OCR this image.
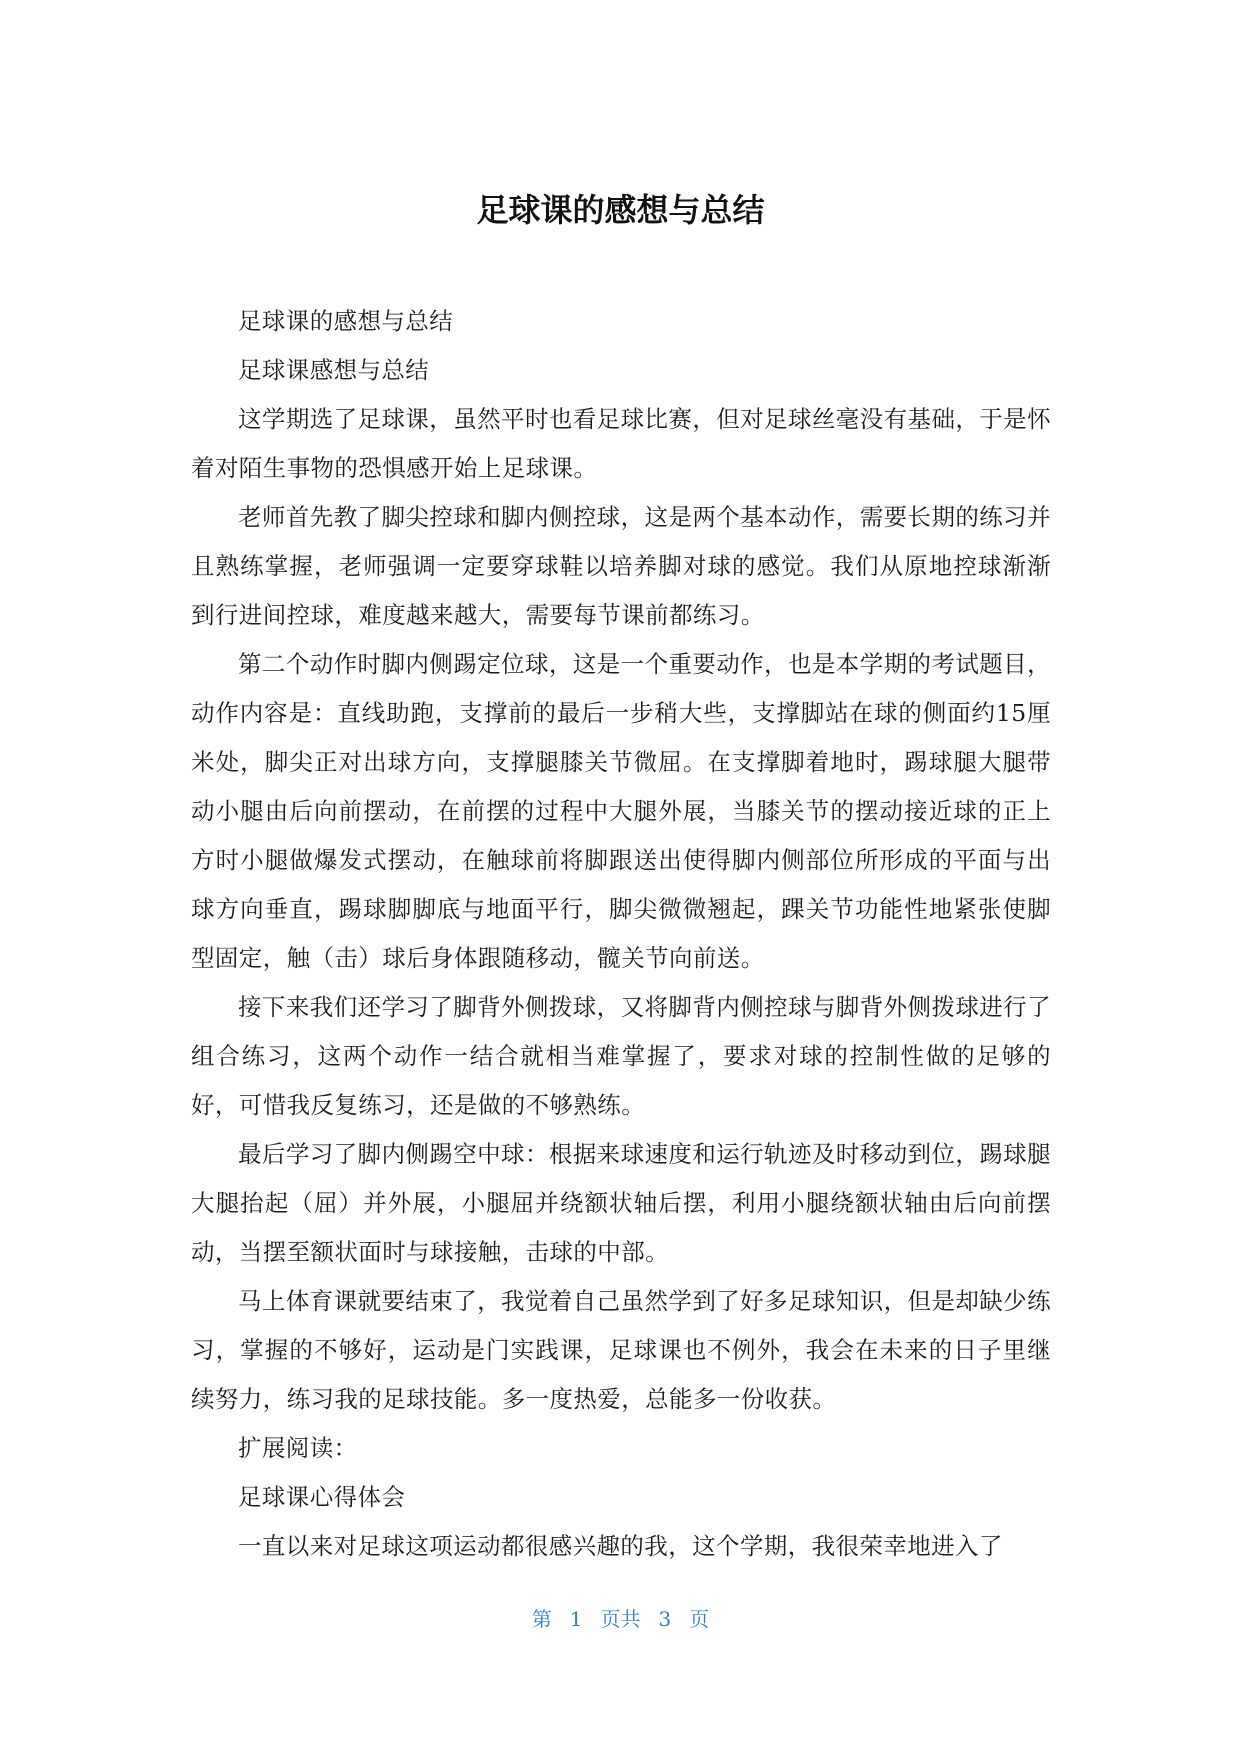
足球课的感想与总结

足球课的感想与总结

足球课感想与总结

这学期选了足球课，虽然平时也看足球比赛，但对足球丝毫没有基础，于是怀着对陌生事物的恐惧感开始上足球课。

老师首先教了脚尖控球和脚内侧控球，这是两个基本动作，需要长期的练习并且熟练掌握，老师强调一定要穿球鞋以培养脚对球的感觉。我们从原地控球渐渐到行进间控球，难度越来越大，需要每节课前都练习。

第二个动作时脚内侧踢定位球，这是一个重要动作，也是本学期的考试题目，动作内容是：直线助跑，支撑前的最后一步稍大些，支撑脚站在球的侧面约15厘米处，脚尖正对出球方向，支撑腿膝关节微屈。在支撑脚着地时，踢球腿大腿带动小腿由后向前摆动，在前摆的过程中大腿外展，当膝关节的摆动接近球的正上方时小腿做爆发式摆动，在触球前将脚跟送出使得脚内侧部位所形成的平面与出球方向垂直，踢球脚脚底与地面平行，脚尖微微翘起，踝关节功能性地紧张使脚型固定，触（击）球后身体跟随移动，髋关节向前送。

接下来我们还学习了脚背外侧拨球，又将脚背内侧控球与脚背外侧拨球进行了组合练习，这两个动作一结合就相当难掌握了，要求对球的控制性做的足够的好，可惜我反复练习，还是做的不够熟练。

最后学习了脚内侧踢空中球：根据来球速度和运行轨迹及时移动到位，踢球腿大腿抬起（屈）并外展，小腿屈并绕额状轴后摆，利用小腿绕额状轴由后向前摆动，当摆至额状面时与球接触，击球的中部。

马上体育课就要结束了，我觉着自己虽然学到了好多足球知识，但是却缺少练习，掌握的不够好，运动是门实践课，足球课也不例外，我会在未来的日子里继续努力，练习我的足球技能。多一度热爱，总能多一份收获。

扩展阅读：

足球课心得体会

一直以来对足球这项运动都很感兴趣的我，这个学期，我很荣幸地进入了

第 1 页共 3 页
